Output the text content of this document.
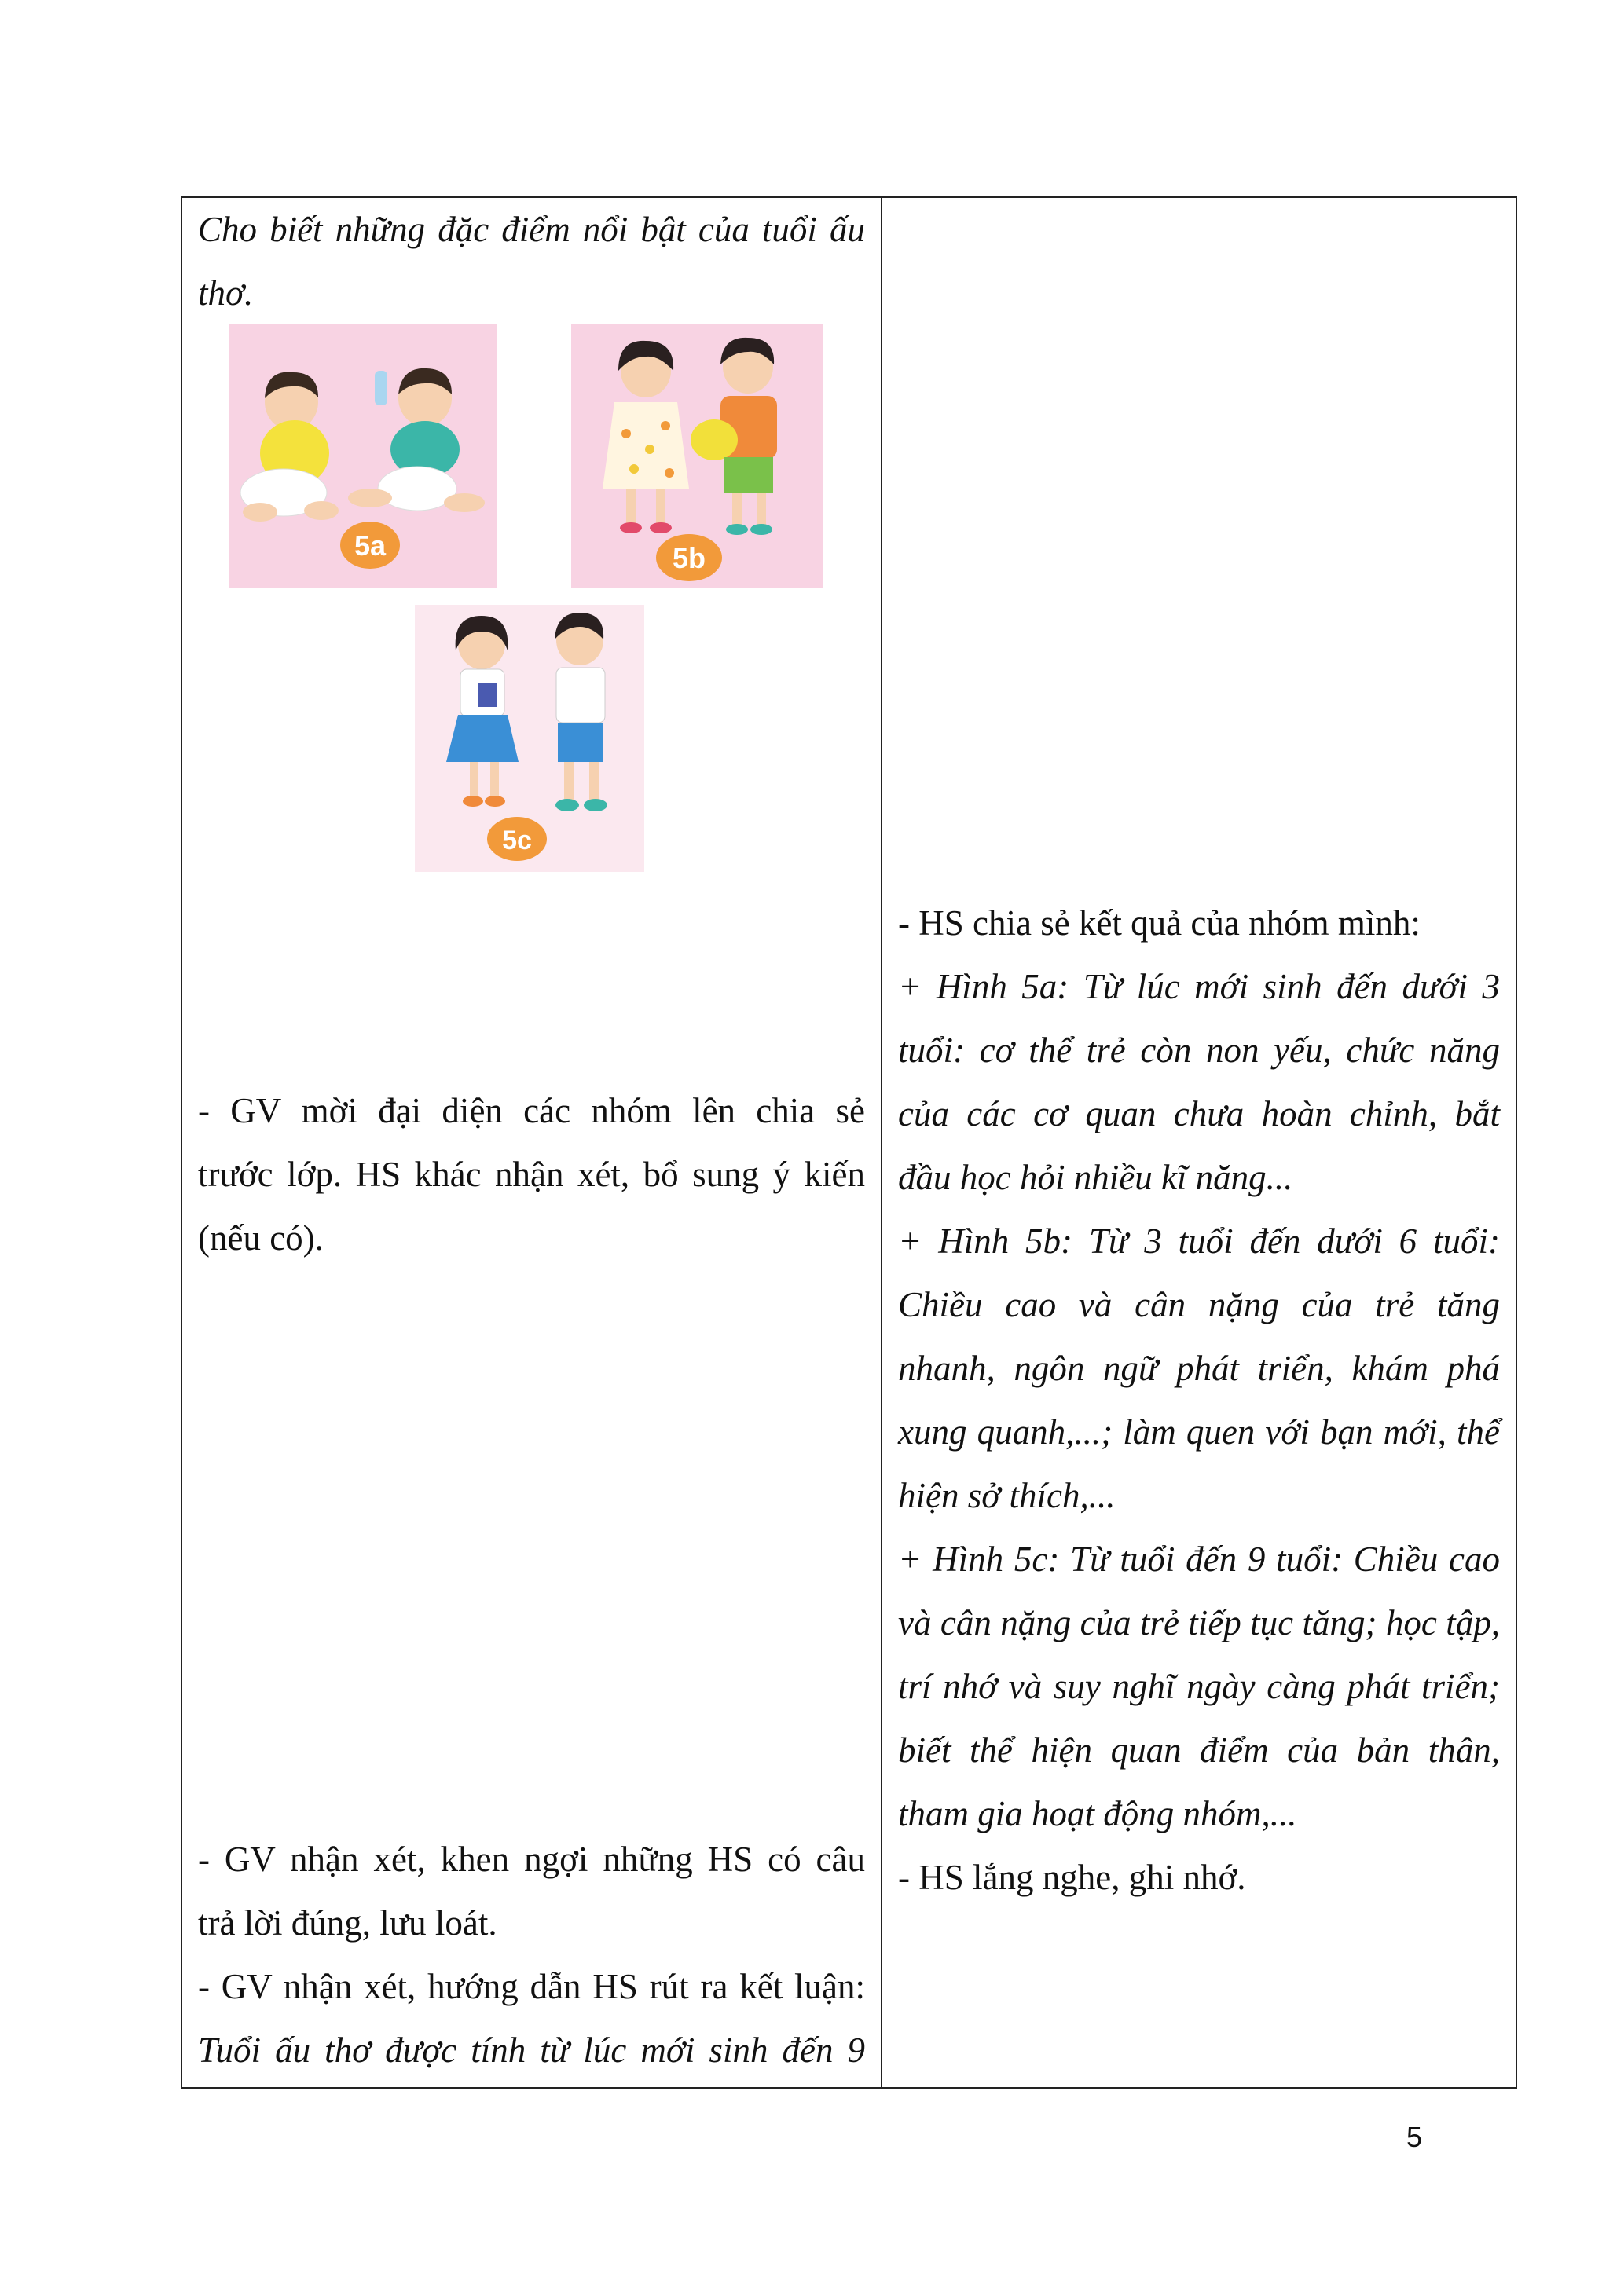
Cho biết những đặc điểm nổi bật của tuổi ấu thơ.

- GV mời đại diện các nhóm lên chia sẻ

trước lớp. HS khác nhận xét, bổ sung ý kiến

(nếu có).

- GV nhận xét, khen ngợi những HS có câu

trả lời đúng, lưu loát.

- GV nhận xét, hướng dẫn HS rút ra kết luận:

Tuổi ấu thơ được tính từ lúc mới sinh đến 9

- HS chia sẻ kết quả của nhóm mình:

+ Hình 5a: Từ lúc mới sinh đến dưới 3 tuổi: cơ thể trẻ còn non yếu, chức năng của các cơ quan chưa hoàn chỉnh, bắt đầu học hỏi nhiều kĩ năng...

+ Hình 5b: Từ 3 tuổi đến dưới 6 tuổi: Chiều cao và cân nặng của trẻ tăng nhanh, ngôn ngữ phát triển, khám phá xung quanh,...; làm quen với bạn mới, thể hiện sở thích,...

+ Hình 5c: Từ tuổi đến 9 tuổi: Chiều cao và cân nặng của trẻ tiếp tục tăng; học tập, trí nhớ và suy nghĩ ngày càng phát triển; biết thể hiện quan điểm của bản thân, tham gia hoạt động nhóm,...

- HS lắng nghe, ghi nhớ.

5a	5b
5c
5
